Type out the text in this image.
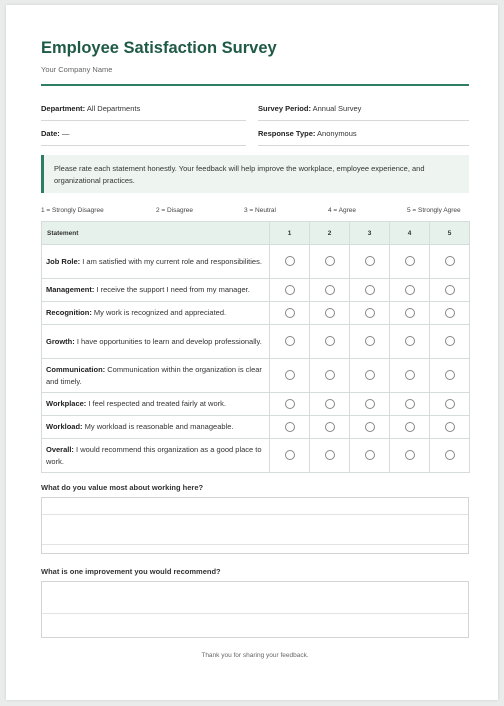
Employee Satisfaction Survey
Your Company Name
Department: All Departments	Survey Period: Annual Survey
Date: —	Response Type: Anonymous
Please rate each statement honestly. Your feedback will help improve the workplace, employee experience, and organizational practices.
1 = Strongly Disagree	2 = Disagree	3 = Neutral	4 = Agree	5 = Strongly Agree
Statement	1	2	3	4	5
Job Role: I am satisfied with my current role and responsibilities.					
Management: I receive the support I need from my manager.					
Recognition: My work is recognized and appreciated.					
Growth: I have opportunities to learn and develop professionally.					
Communication: Communication within the organization is clear and timely.					
Workplace: I feel respected and treated fairly at work.					
Workload: My workload is reasonable and manageable.					
Overall: I would recommend this organization as a good place to work.					
What do you value most about working here?
What is one improvement you would recommend?
Thank you for sharing your feedback.
